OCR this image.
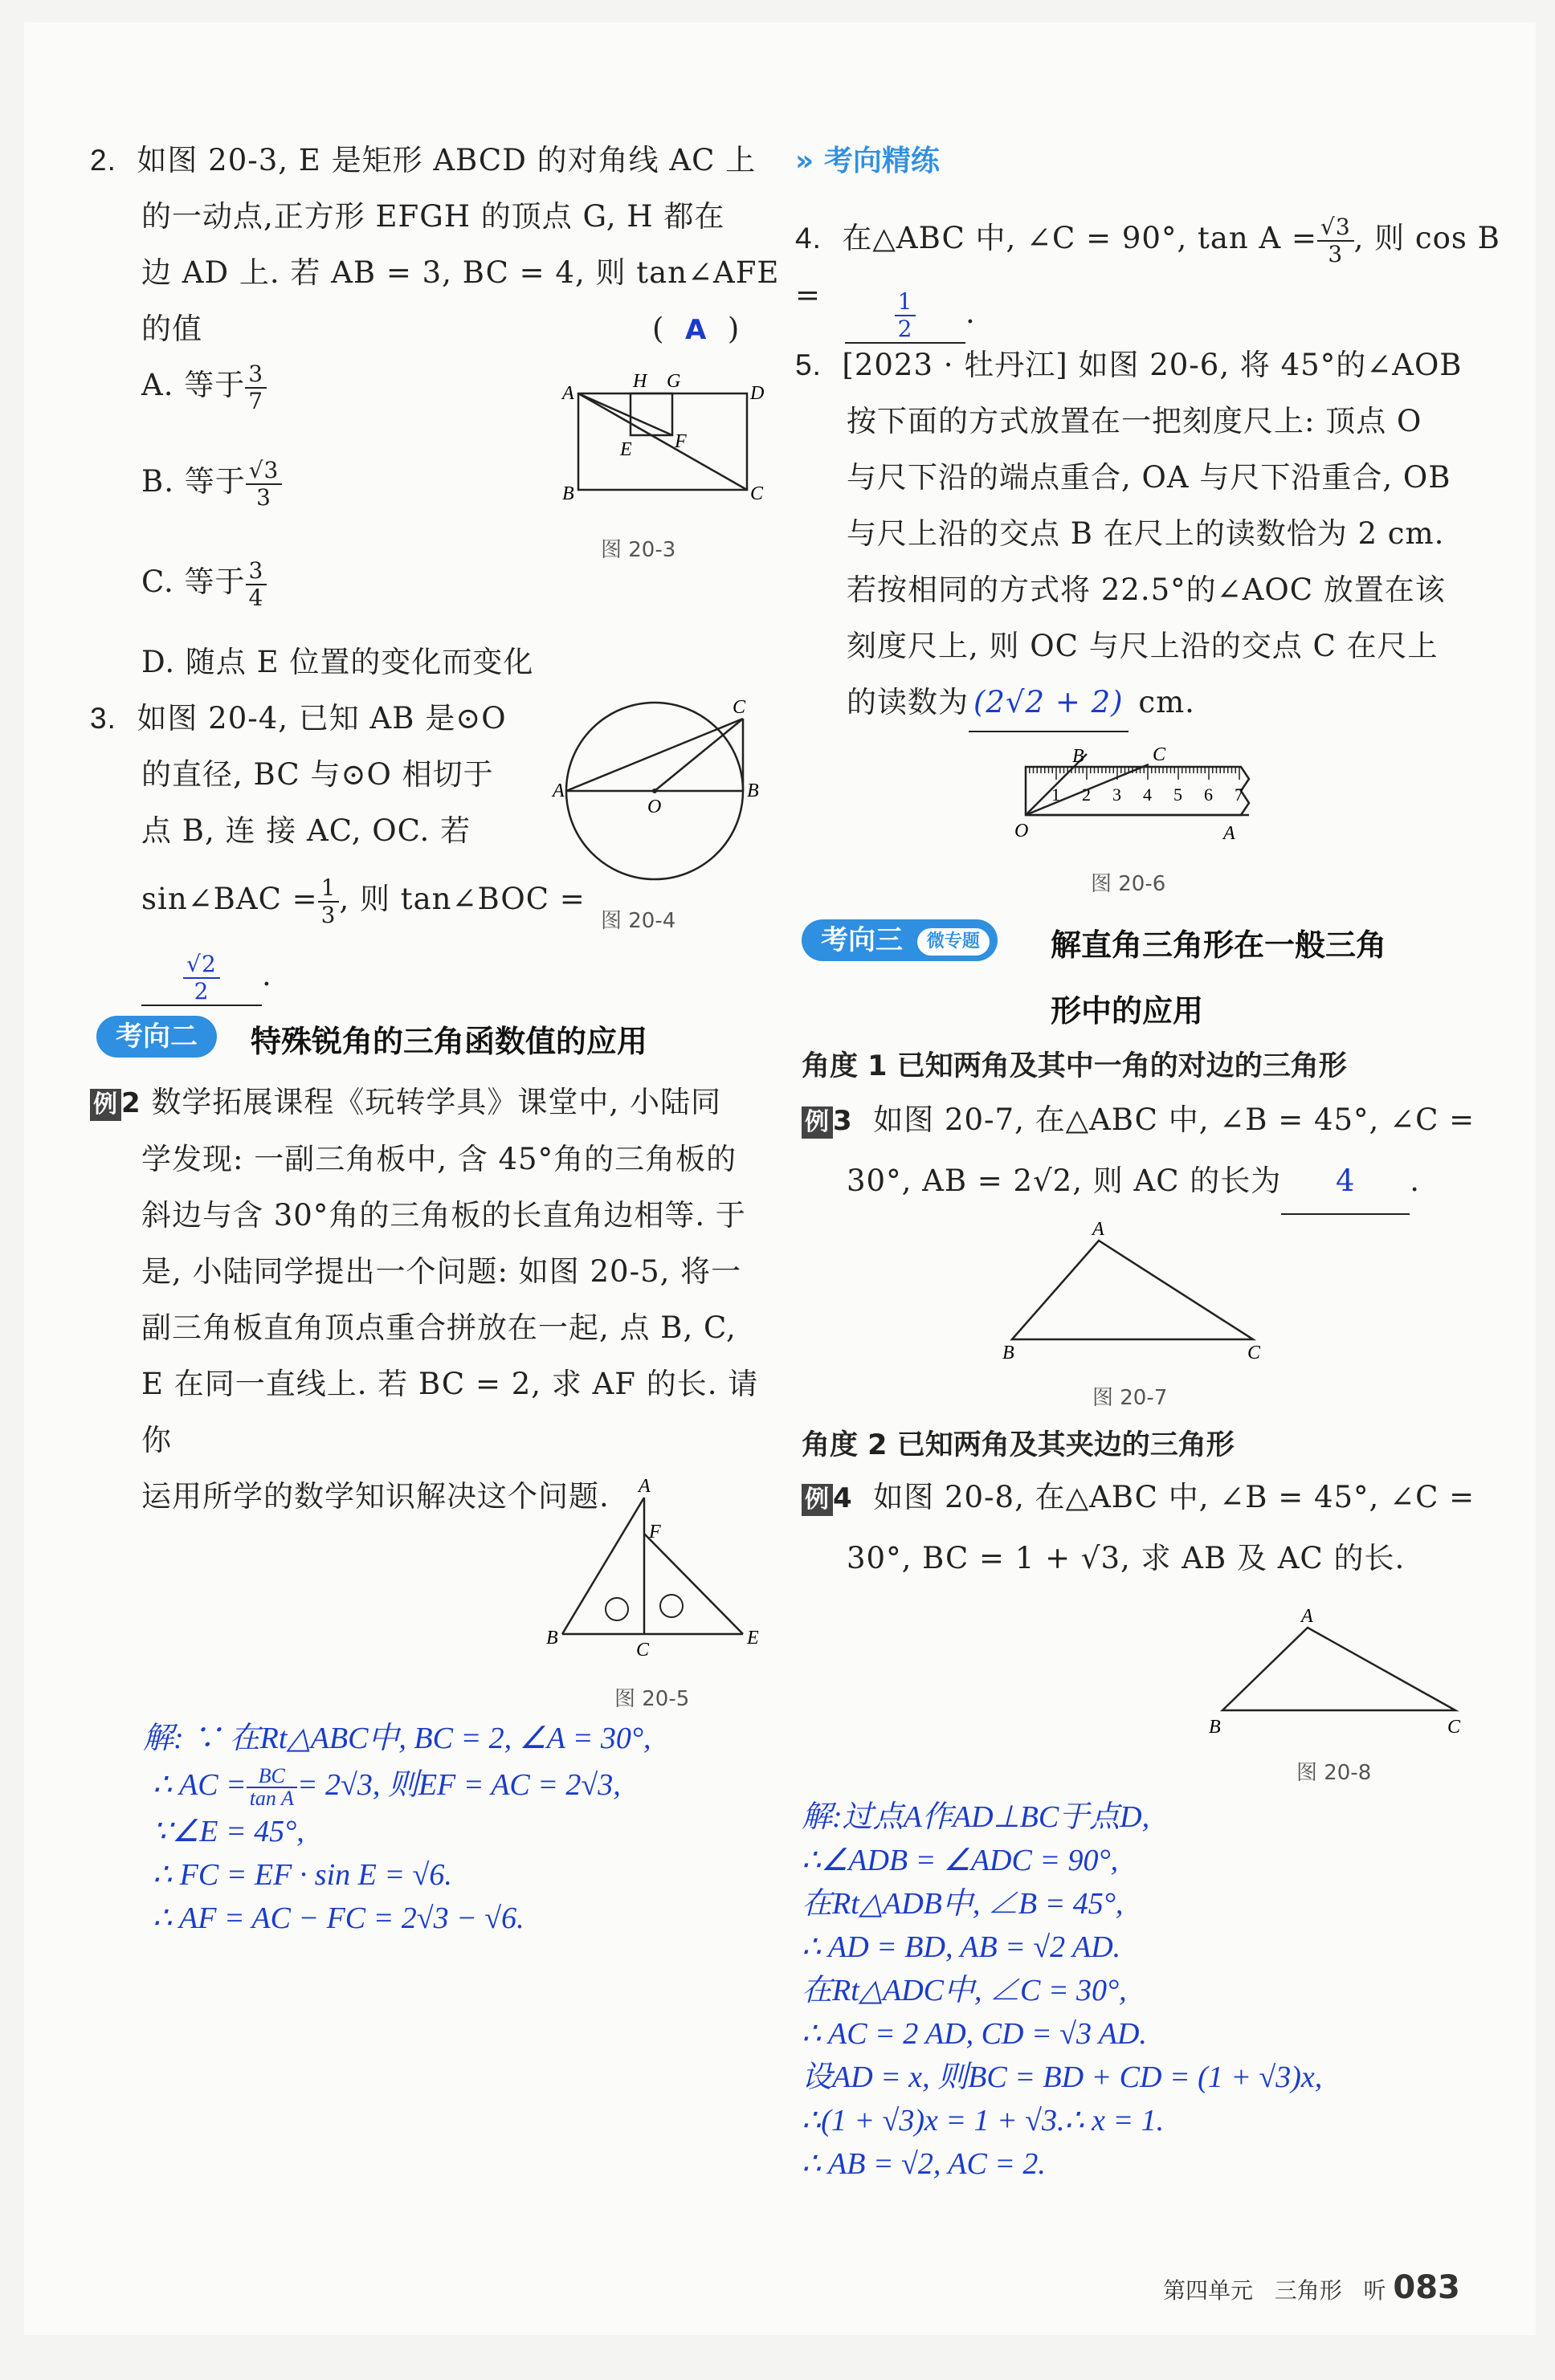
2. 如图 20-3, E 是矩形 ABCD 的对角线 AC 上
的一动点,正方形 EFGH 的顶点 G, H 都在
边 AD 上. 若 AB = 3, BC = 4, 则 tan∠AFE
的值	(  A  )
A. 等于 $\frac{3}{7}$
B. 等于 $\frac{√3}{3}$
C. 等于 $\frac{3}{4}$
D. 随点 E 位置的变化而变化
A
B	C
D
E F
G
H
图 20-3
3. 如图 20-4, 已知 AB 是⊙O
的直径, BC 与⊙O 相切于
点 B, 连 接 AC, OC. 若
sin∠BAC = $\frac{1}{3}$ , 则 tan∠BOC =
$\frac{√2}{2}$ .
A	B
C
O
图 20-4
考向二	特殊锐角的三角函数值的应用
例 2 数学拓展课程《玩转学具》课堂中, 小陆同
学发现: 一副三角板中, 含 45°角的三角板的
斜边与含 30°角的三角板的长直角边相等. 于
是, 小陆同学提出一个问题: 如图 20-5, 将一
副三角板直角顶点重合拼放在一起, 点 B, C,
E 在同一直线上. 若 BC = 2, 求 AF 的长. 请你
运用所学的数学知识解决这个问题.	A
B
C
E
F
图 20-5
解: ∵ 在Rt△ABC中, BC = 2, ∠A = 30°,
∴ AC = $\frac{BC}{\text{tan A}} = 2√3$, 则EF = AC = 2√3,
∵∠E = 45°,
∴ FC = EF · sin E = √6.
∴ AF = AC − FC = 2√3 − √6.
» 考向精练
4. 在△ABC 中, ∠C = 90°, $\tan A = \frac{√3}{3}$ , 则 cos B =	$\frac{1}{2}$ .
5. [2023 · 牡丹江] 如图 20-6, 将 45°的∠AOB
按下面的方式放置在一把刻度尺上: 顶点 O
与尺下沿的端点重合, OA 与尺下沿重合, OB
与尺上沿的交点 B 在尺上的读数恰为 2 cm.
若按相同的方式将 22.5°的∠AOC 放置在该
刻度尺上, 则 OC 与尺上沿的交点 C 在尺上
的读数为 (2√2 + 2) cm.
1 2 3 4 5 6 7
B	C
O	A
图 20-6
考向三 微专题	解直角三角形在一般三角
形中的应用
角度 1 已知两角及其中一角的对边的三角形
例 3 如图 20-7, 在△ABC 中, ∠B = 45°, ∠C =
30°, AB = 2√2, 则 AC 的长为 4 .
A
B	C
图 20-7
角度 2 已知两角及其夹边的三角形
例 4 如图 20-8, 在△ABC 中, ∠B = 45°, ∠C =
30°, BC = 1 + √3, 求 AB 及 AC 的长.
A
B	C
图 20-8
解:过点A作AD⊥BC于点D,
∴∠ADB = ∠ADC = 90°,
在Rt△ADB中, ∠B = 45°,
∴ AD = BD, AB = √2 AD.
在Rt△ADC中, ∠C = 30°,
∴ AC = 2 AD, CD = √3 AD.
设AD = x, 则BC = BD + CD = (1 + √3)x,
∴(1 + √3)x = 1 + √3.∴ x = 1.
∴ AB = √2, AC = 2.
第四单元 三角形 听 083
